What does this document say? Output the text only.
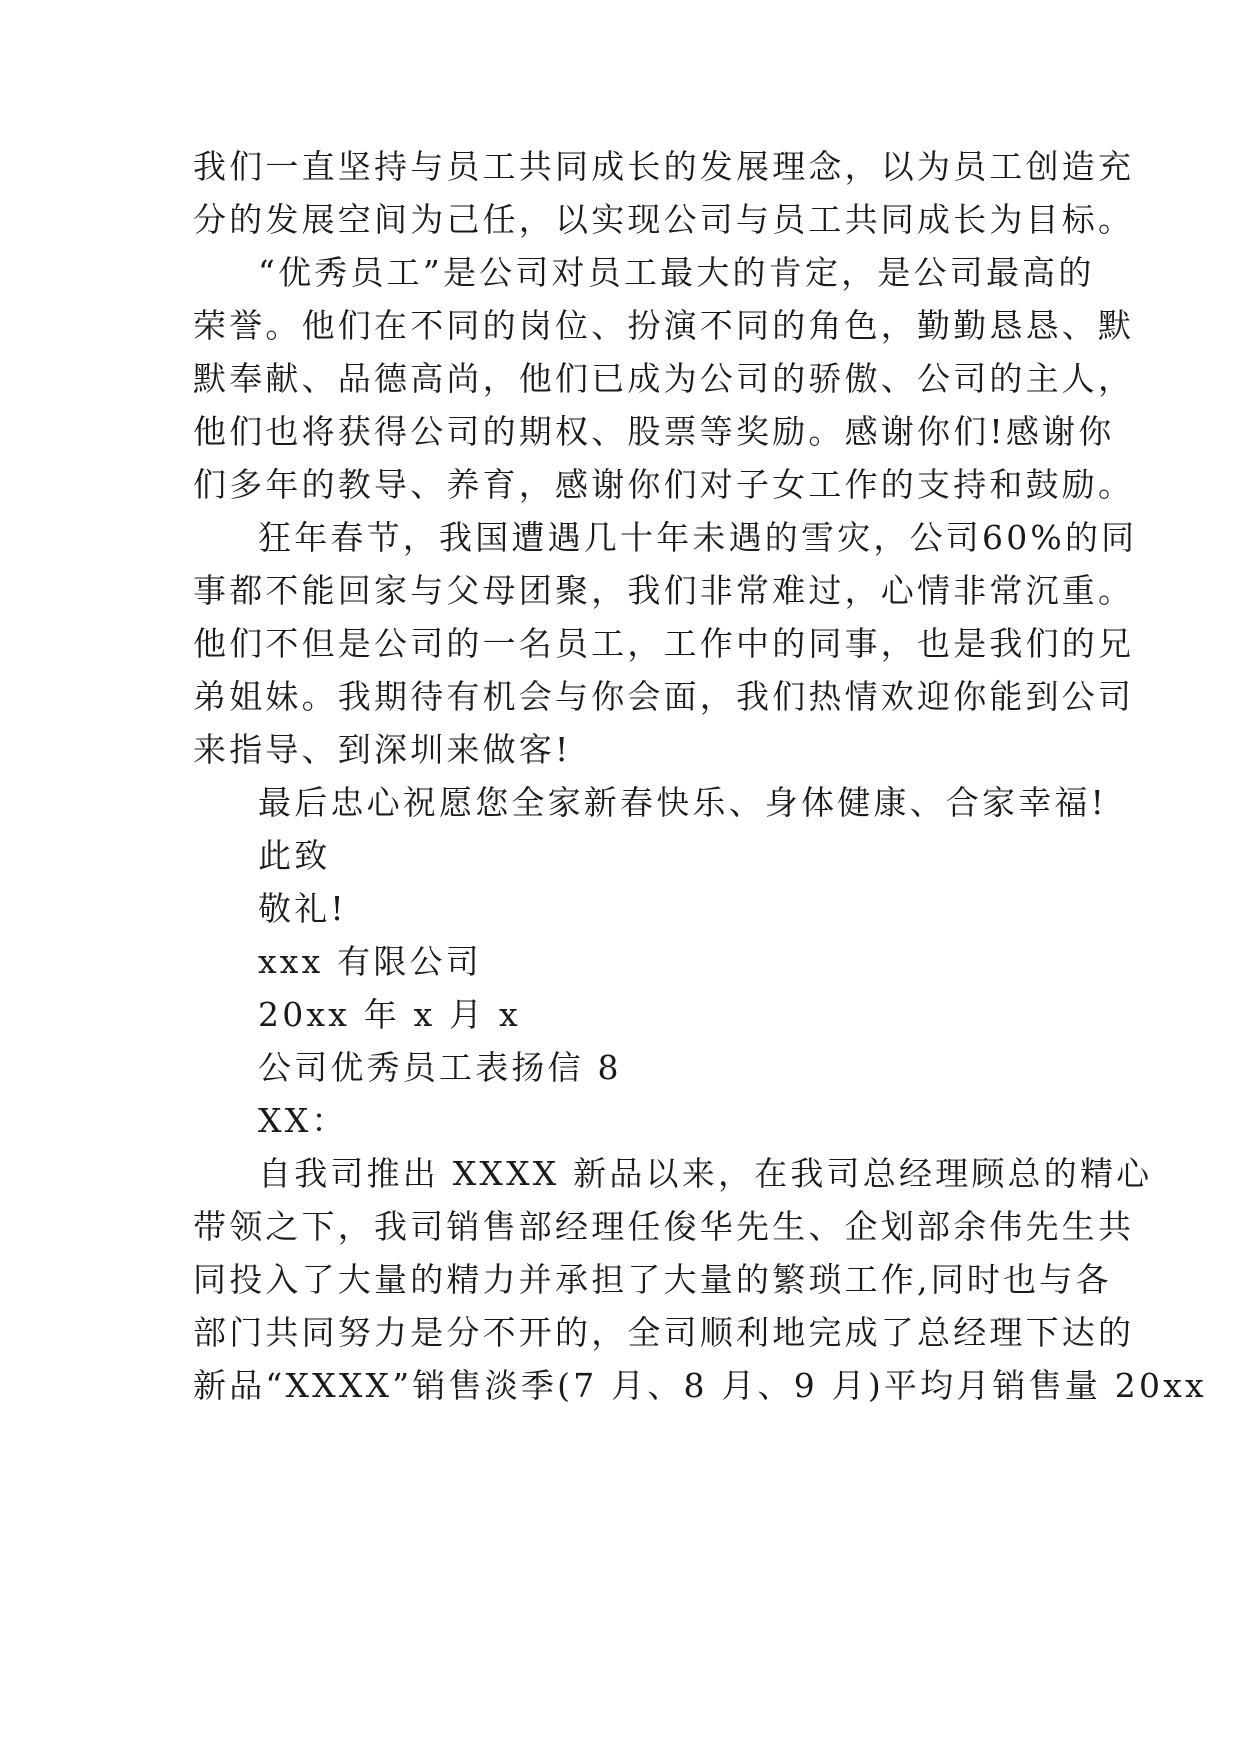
我们一直坚持与员工共同成长的发展理念，以为员工创造充
分的发展空间为己任，以实现公司与员工共同成长为目标。
“优秀员工”是公司对员工最大的肯定，是公司最高的
荣誉。他们在不同的岗位、扮演不同的角色，勤勤恳恳、默
默奉献、品德高尚，他们已成为公司的骄傲、公司的主人，
他们也将获得公司的期权、股票等奖励。感谢你们!感谢你
们多年的教导、养育，感谢你们对子女工作的支持和鼓励。
狂年春节，我国遭遇几十年未遇的雪灾，公司60%的同
事都不能回家与父母团聚，我们非常难过，心情非常沉重。
他们不但是公司的一名员工，工作中的同事，也是我们的兄
弟姐妹。我期待有机会与你会面，我们热情欢迎你能到公司
来指导、到深圳来做客!
最后忠心祝愿您全家新春快乐、身体健康、合家幸福!
此致
敬礼!
xxx 有限公司
20xx 年 x 月 x
公司优秀员工表扬信 8
XX：
自我司推出 XXXX 新品以来，在我司总经理顾总的精心
带领之下，我司销售部经理任俊华先生、企划部余伟先生共
同投入了大量的精力并承担了大量的繁琐工作,同时也与各
部门共同努力是分不开的，全司顺利地完成了总经理下达的
新品“XXXX”销售淡季(7 月、8 月、9 月)平均月销售量 20xx
